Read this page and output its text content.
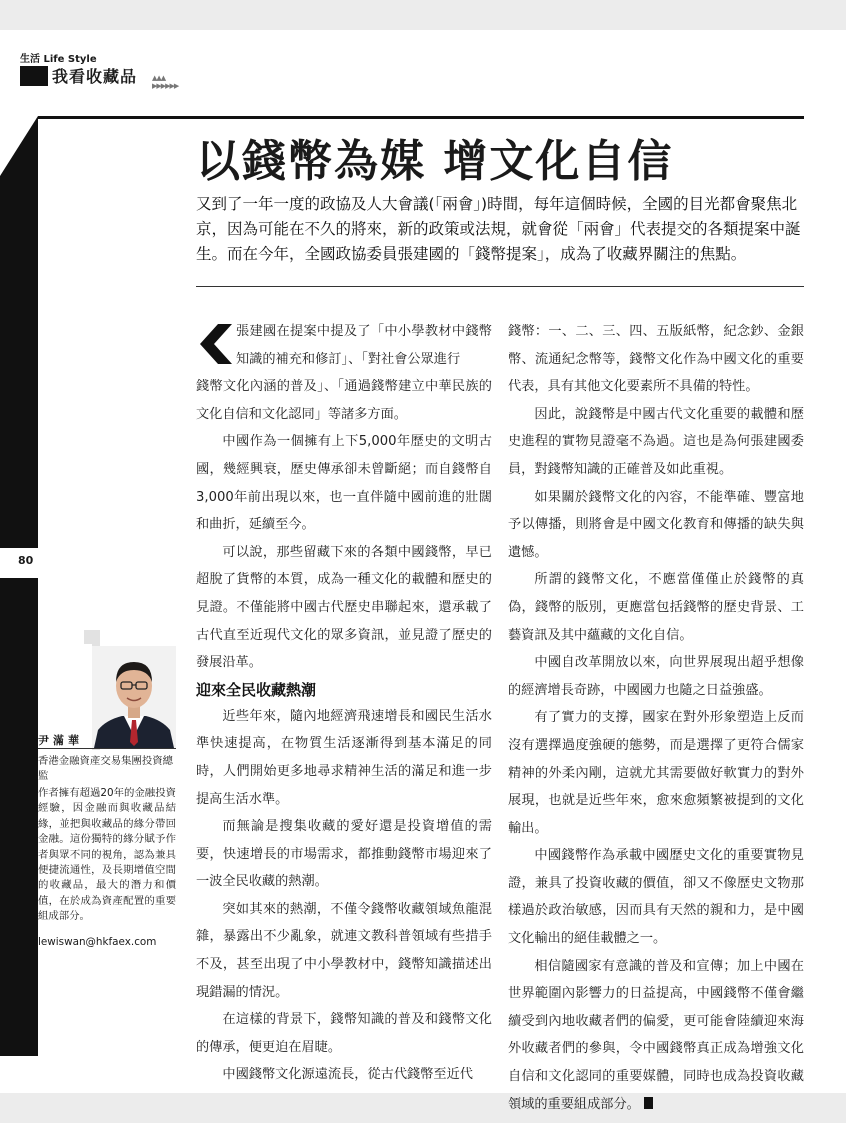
生活 Life Style
我看收藏品 ▲▲▲
▶▶▶▶▶▶
80
以錢幣為媒 增文化自信
又到了一年一度的政協及人大會議(「兩會」)時間，每年這個時候，全國的目光都會聚焦北京，因為可能在不久的將來，新的政策或法規，就會從「兩會」代表提交的各類提案中誕生。而在今年，全國政協委員張建國的「錢幣提案」，成為了收藏界關注的焦點。

張建國在提案中提及了「中小學教材中錢幣知識的補充和修訂」、「對社會公眾進行
錢幣文化內涵的普及」、「通過錢幣建立中華民族的文化自信和文化認同」等諸多方面。

中國作為一個擁有上下5,000年歷史的文明古國，幾經興衰，歷史傳承卻未曾斷絕；而自錢幣自3,000年前出現以來，也一直伴隨中國前進的壯闊和曲折，延續至今。

可以說，那些留藏下來的各類中國錢幣，早已超脫了貨幣的本質，成為一種文化的載體和歷史的見證。不僅能將中國古代歷史串聯起來，還承載了古代直至近現代文化的眾多資訊，並見證了歷史的發展沿革。

迎來全民收藏熱潮

近些年來，隨內地經濟飛速增長和國民生活水準快速提高，在物質生活逐漸得到基本滿足的同時，人們開始更多地尋求精神生活的滿足和進一步提高生活水準。

而無論是搜集收藏的愛好還是投資增值的需要，快速增長的市場需求，都推動錢幣市場迎來了一波全民收藏的熱潮。

突如其來的熱潮，不僅令錢幣收藏領域魚龍混雜，暴露出不少亂象，就連文教科普領域有些措手不及，甚至出現了中小學教材中，錢幣知識描述出現錯漏的情況。

在這樣的背景下，錢幣知識的普及和錢幣文化的傳承，便更迫在眉睫。

中國錢幣文化源遠流長，從古代錢幣至近代

錢幣：一、二、三、四、五版紙幣，紀念鈔、金銀幣、流通紀念幣等，錢幣文化作為中國文化的重要代表，具有其他文化要素所不具備的特性。

因此，說錢幣是中國古代文化重要的載體和歷史進程的實物見證毫不為過。這也是為何張建國委員，對錢幣知識的正確普及如此重視。

如果關於錢幣文化的內容，不能準確、豐富地予以傳播，則將會是中國文化教育和傳播的缺失與遺憾。

所謂的錢幣文化，不應當僅僅止於錢幣的真偽，錢幣的版別，更應當包括錢幣的歷史背景、工藝資訊及其中蘊藏的文化自信。

中國自改革開放以來，向世界展現出超乎想像的經濟增長奇跡，中國國力也隨之日益強盛。

有了實力的支撐，國家在對外形象塑造上反而沒有選擇過度強硬的態勢，而是選擇了更符合儒家精神的外柔內剛，這就尤其需要做好軟實力的對外展現，也就是近些年來，愈來愈頻繁被提到的文化輸出。

中國錢幣作為承載中國歷史文化的重要實物見證，兼具了投資收藏的價值，卻又不像歷史文物那樣過於政治敏感，因而具有天然的親和力，是中國文化輸出的絕佳載體之一。

相信隨國家有意識的普及和宣傳；加上中國在世界範圍內影響力的日益提高，中國錢幣不僅會繼續受到內地收藏者們的偏愛，更可能會陸續迎來海外收藏者們的參與，令中國錢幣真正成為增強文化自信和文化認同的重要媒體，同時也成為投資收藏領域的重要組成部分。

尹滿華
香港金融資產交易集團投資總監
作者擁有超過20年的金融投資經驗，因金融而與收藏品結緣，並把與收藏品的緣分帶回金融。這份獨特的緣分賦予作者與眾不同的視角，認為兼具便捷流通性，及長期增值空間的收藏品，最大的潛力和價值，在於成為資產配置的重要組成部分。
lewiswan@hkfaex.com
